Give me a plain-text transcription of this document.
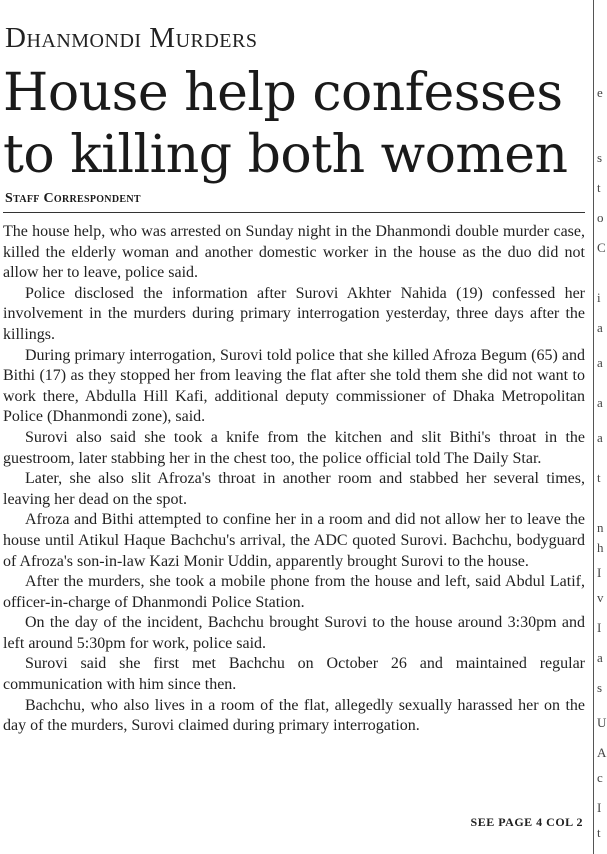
Dhanmondi Murders
House help confesses to killing both women
Staff Correspondent

The house help, who was arrested on Sunday night in the Dhanmondi double murder case, killed the elderly woman and another domestic worker in the house as the duo did not allow her to leave, police said.

Police disclosed the information after Surovi Akhter Nahida (19) confessed her involvement in the murders during primary interrogation yesterday, three days after the killings.

During primary interrogation, Surovi told police that she killed Afroza Begum (65) and Bithi (17) as they stopped her from leaving the flat after she told them she did not want to work there, Abdulla Hill Kafi, additional deputy commissioner of Dhaka Metropolitan Police (Dhanmondi zone), said.

Surovi also said she took a knife from the kitchen and slit Bithi's throat in the guestroom, later stabbing her in the chest too, the police official told The Daily Star.

Later, she also slit Afroza's throat in another room and stabbed her several times, leaving her dead on the spot.

Afroza and Bithi attempted to confine her in a room and did not allow her to leave the house until Atikul Haque Bachchu's arrival, the ADC quoted Surovi. Bachchu, bodyguard of Afroza's son-in-law Kazi Monir Uddin, apparently brought Surovi to the house.

After the murders, she took a mobile phone from the house and left, said Abdul Latif, officer-in-charge of Dhanmondi Police Station.

On the day of the incident, Bachchu brought Surovi to the house around 3:30pm and left around 5:30pm for work, police said.

Surovi said she first met Bachchu on October 26 and maintained regular communication with him since then.

Bachchu, who also lives in a room of the flat, allegedly sexually harassed her on the day of the murders, Surovi claimed during primary interrogation.

SEE PAGE 4 COL 2
e
s
t
o
C
i
a
a
a
a
t
n
h
I
v
I
a
s
U
A
c
I
t
